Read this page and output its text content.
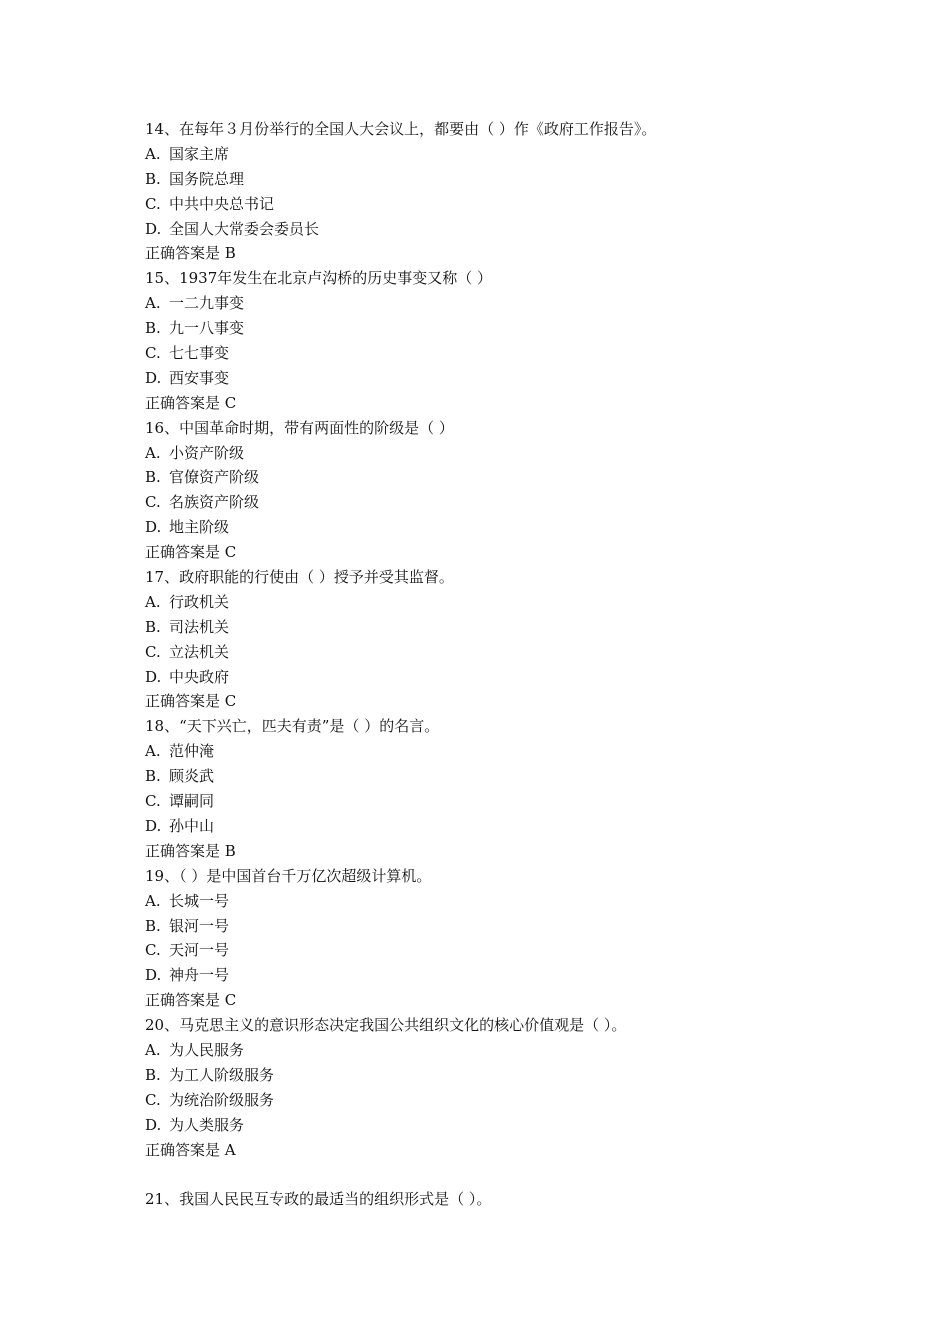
14、在每年３月份举行的全国人大会议上，都要由（ ）作《政府工作报告》。
A. 国家主席
B. 国务院总理
C. 中共中央总书记
D. 全国人大常委会委员长
正确答案是 B
15、1937年发生在北京卢沟桥的历史事变又称（ ）
A. 一二九事变
B. 九一八事变
C. 七七事变
D. 西安事变
正确答案是 C
16、中国革命时期，带有两面性的阶级是（ ）
A. 小资产阶级
B. 官僚资产阶级
C. 名族资产阶级
D. 地主阶级
正确答案是 C
17、政府职能的行使由（ ）授予并受其监督。
A. 行政机关
B. 司法机关
C. 立法机关
D. 中央政府
正确答案是 C
18、“天下兴亡，匹夫有责”是（ ）的名言。
A. 范仲淹
B. 顾炎武
C. 谭嗣同
D. 孙中山
正确答案是 B
19、（ ）是中国首台千万亿次超级计算机。
A. 长城一号
B. 银河一号
C. 天河一号
D. 神舟一号
正确答案是 C
20、马克思主义的意识形态决定我国公共组织文化的核心价值观是（ ）。
A. 为人民服务
B. 为工人阶级服务
C. 为统治阶级服务
D. 为人类服务
正确答案是 A
21、我国人民民互专政的最适当的组织形式是（ ）。
